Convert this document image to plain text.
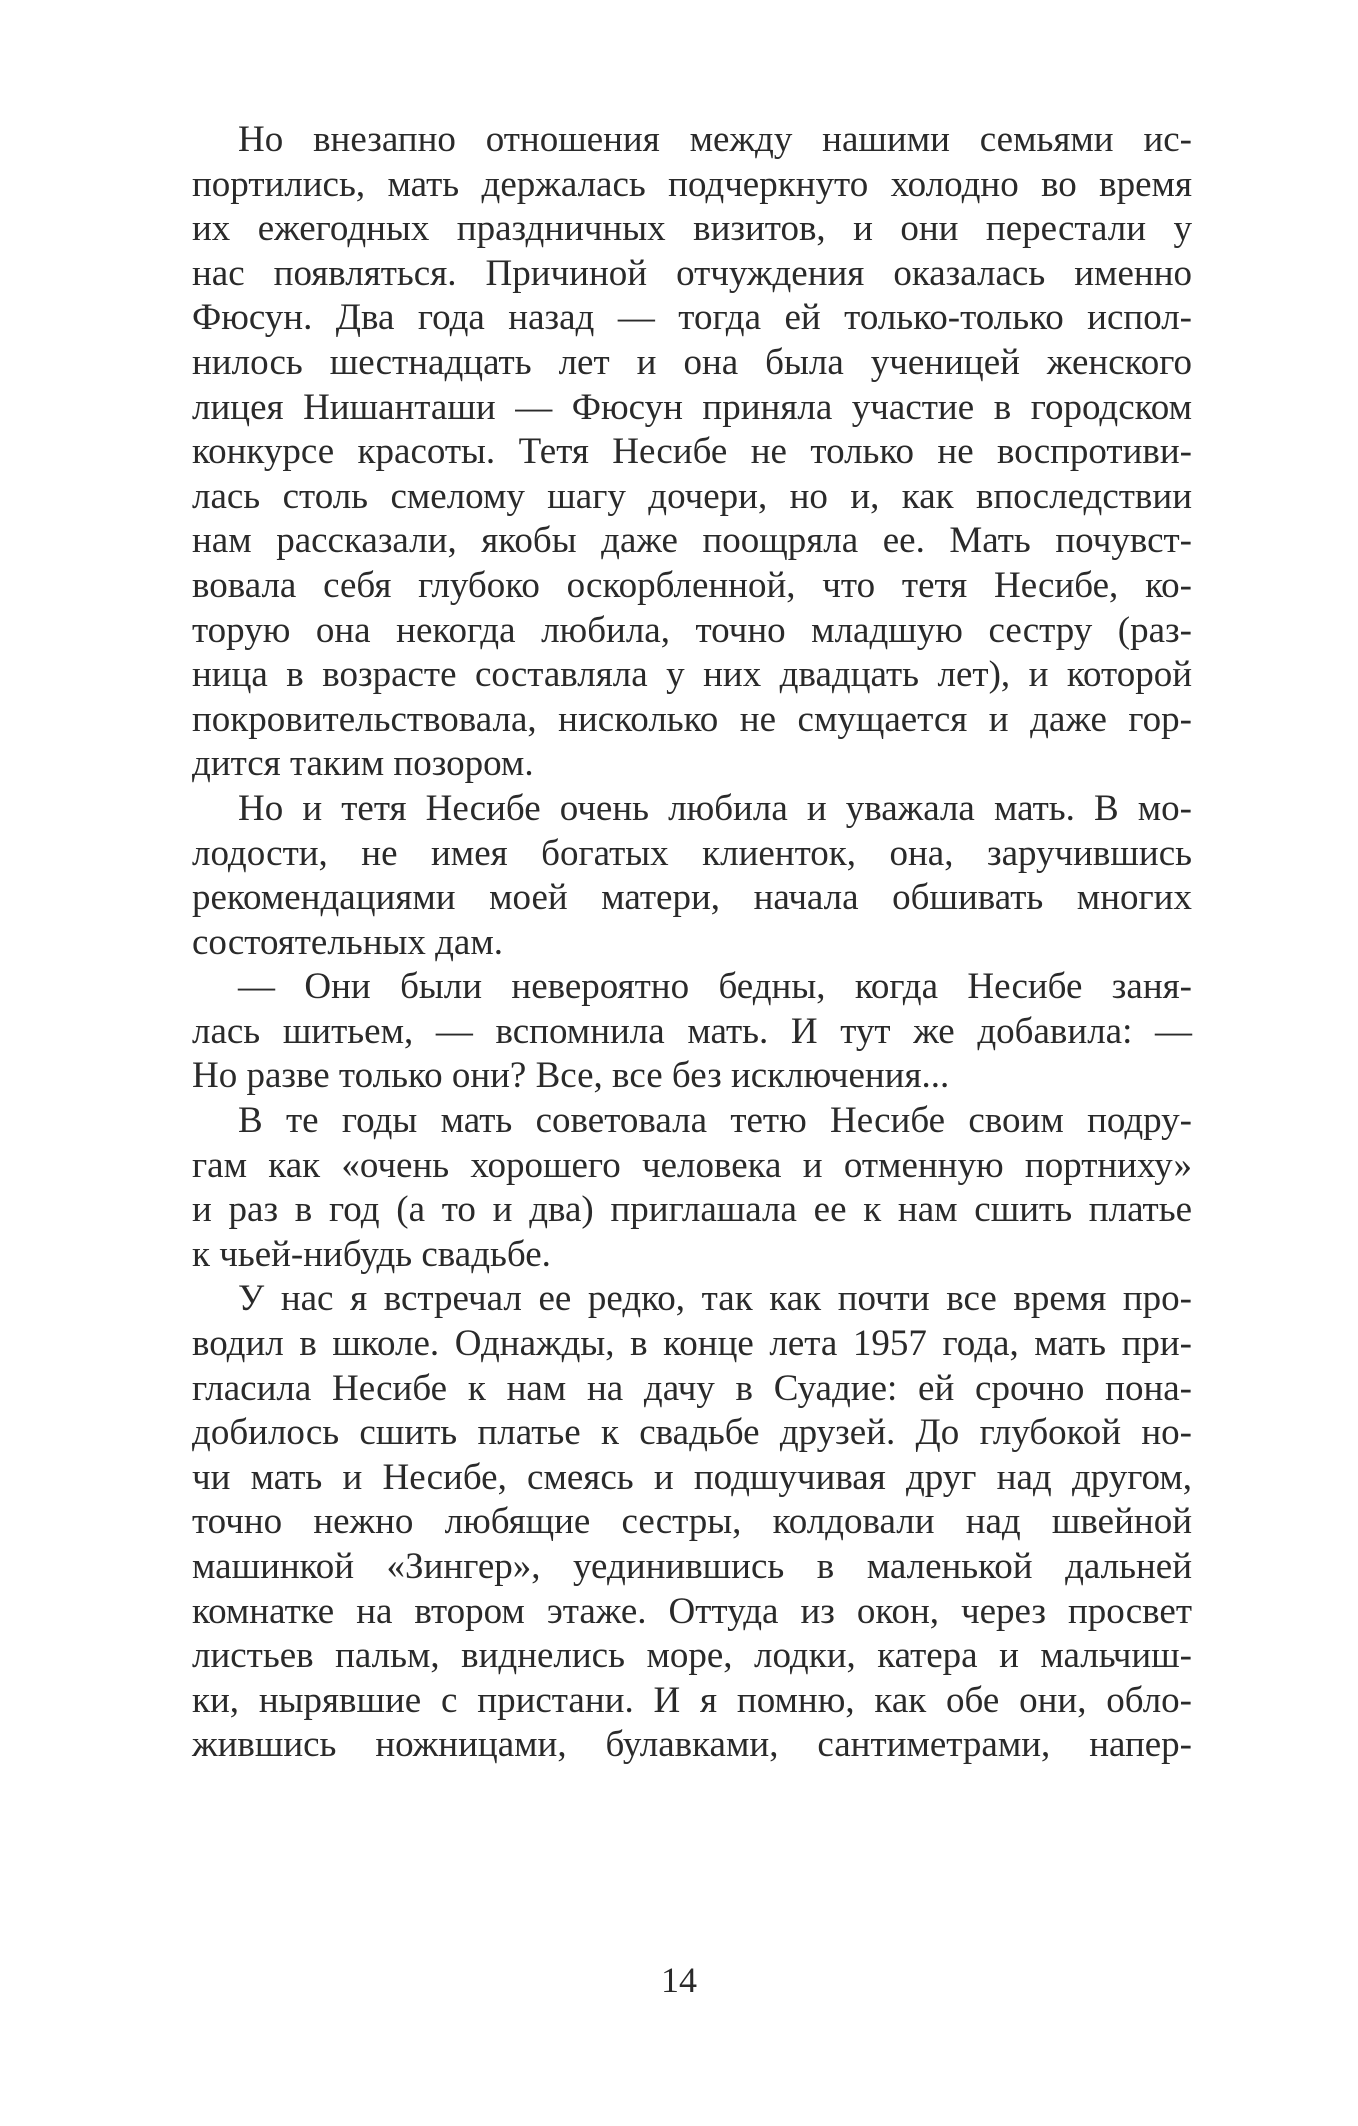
Но внезапно отношения между нашими семьями ис-
портились, мать держалась подчеркнуто холодно во время
их ежегодных праздничных визитов, и они перестали у
нас появляться. Причиной отчуждения оказалась именно
Фюсун. Два года назад — тогда ей только-только испол-
нилось шестнадцать лет и она была ученицей женского
лицея Нишанташи — Фюсун приняла участие в городском
конкурсе красоты. Тетя Несибе не только не воспротиви-
лась столь смелому шагу дочери, но и, как впоследствии
нам рассказали, якобы даже поощряла ее. Мать почувст-
вовала себя глубоко оскорбленной, что тетя Несибе, ко-
торую она некогда любила, точно младшую сестру (раз-
ница в возрасте составляла у них двадцать лет), и которой
покровительствовала, нисколько не смущается и даже гор-
дится таким позором.
Но и тетя Несибе очень любила и уважала мать. В мо-
лодости, не имея богатых клиенток, она, заручившись
рекомендациями моей матери, начала обшивать многих
состоятельных дам.
— Они были невероятно бедны, когда Несибе заня-
лась шитьем, — вспомнила мать. И тут же добавила: —
Но разве только они? Все, все без исключения...
В те годы мать советовала тетю Несибе своим подру-
гам как «очень хорошего человека и отменную портниху»
и раз в год (а то и два) приглашала ее к нам сшить платье
к чьей-нибудь свадьбе.
У нас я встречал ее редко, так как почти все время про-
водил в школе. Однажды, в конце лета 1957 года, мать при-
гласила Несибе к нам на дачу в Суадие: ей срочно пона-
добилось сшить платье к свадьбе друзей. До глубокой но-
чи мать и Несибе, смеясь и подшучивая друг над другом,
точно нежно любящие сестры, колдовали над швейной
машинкой «Зингер», уединившись в маленькой дальней
комнатке на втором этаже. Оттуда из окон, через просвет
листьев пальм, виднелись море, лодки, катера и мальчиш-
ки, нырявшие с пристани. И я помню, как обе они, обло-
жившись ножницами, булавками, сантиметрами, напер-
14
